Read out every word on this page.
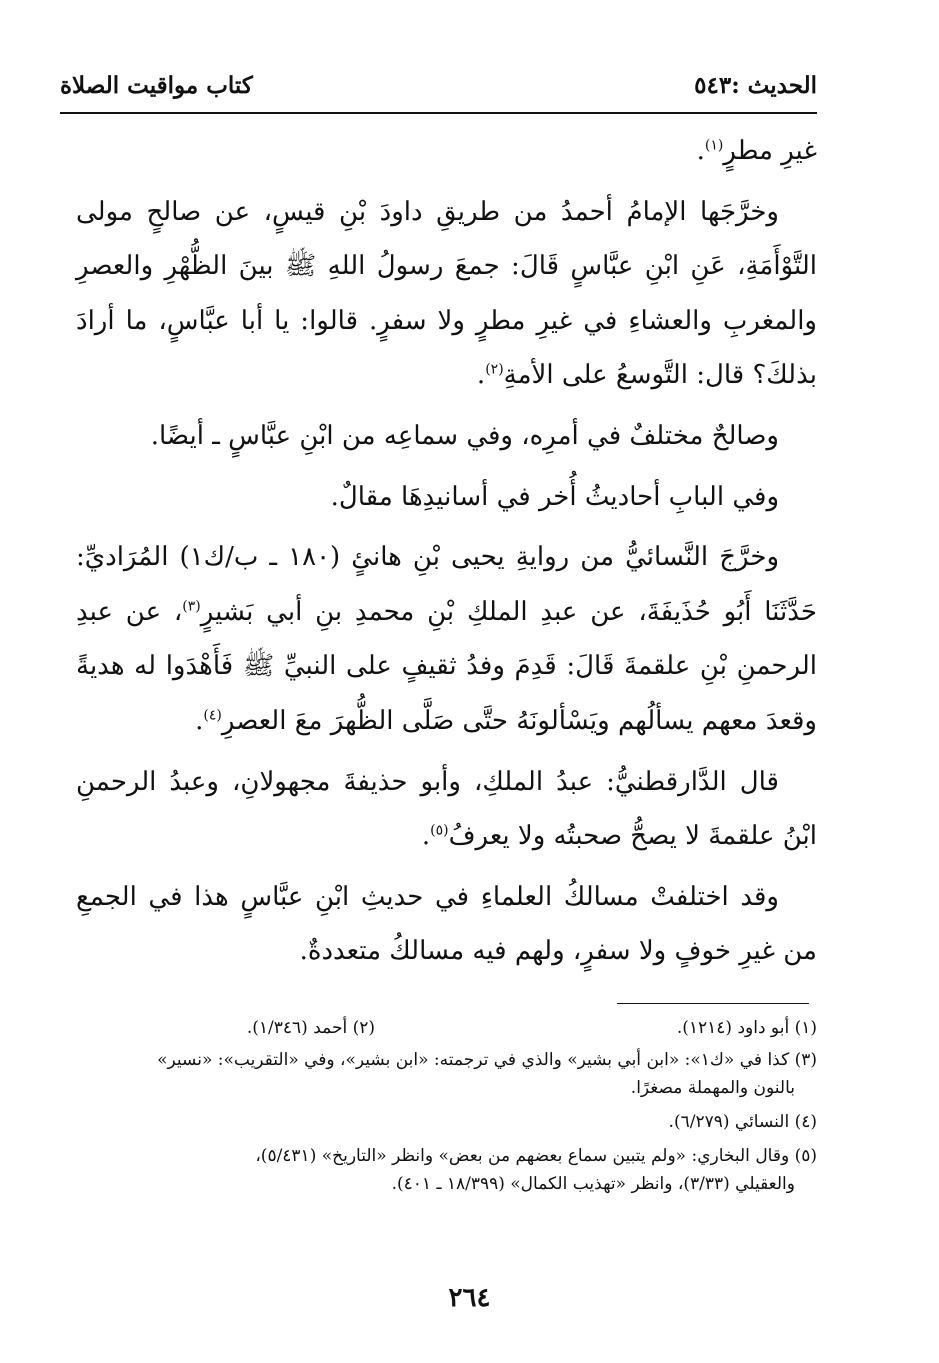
الحديث :٥٤٣
كتاب مواقيت الصلاة

غيرِ مطرٍ$^{(١)}$.

وخرَّجَها الإمامُ أحمدُ من طريقِ داودَ بْنِ قيسٍ، عن صالحٍ مولى التَّوْأَمَةِ، عَنِ ابْنِ عبَّاسٍ قَالَ: جمعَ رسولُ اللهِ ﷺ بينَ الظُّهْرِ والعصرِ والمغربِ والعشاءِ في غيرِ مطرٍ ولا سفرٍ. قالوا: يا أبا عبَّاسٍ، ما أرادَ بذلكَ؟ قال: التَّوسعُ على الأمةِ$^{(٢)}$.

وصالحٌ مختلفٌ في أمرِه، وفي سماعِه من ابْنِ عبَّاسٍ ـ أيضًا.

وفي البابِ أحاديثُ أُخر في أسانيدِهَا مقالٌ.

وخرَّجَ النَّسائيُّ من روايةِ يحيى بْنِ هانئٍ (١٨٠ ـ ب/ك١) المُرَاديِّ: حَدَّثَنَا أَبُو حُذَيفَةَ، عن عبدِ الملكِ بْنِ محمدِ بنِ أبي بَشيرٍ$^{(٣)}$، عن عبدِ الرحمنِ بْنِ علقمةَ قَالَ: قَدِمَ وفدُ ثقيفٍ على النبيِّ ﷺ فَأَهْدَوا له هديةً وقعدَ معهم يسألُهم ويَسْألونَهُ حتَّى صَلَّى الظُّهرَ معَ العصرِ$^{(٤)}$.

قال الدَّارقطنيُّ: عبدُ الملكِ، وأبو حذيفةَ مجهولانِ، وعبدُ الرحمنِ ابْنُ علقمةَ لا يصحُّ صحبتُه ولا يعرفُ$^{(٥)}$.

وقد اختلفتْ مسالكُ العلماءِ في حديثِ ابْنِ عبَّاسٍ هذا في الجمعِ من غيرِ خوفٍ ولا سفرٍ، ولهم فيه مسالكُ متعددةٌ.

(١) أبو داود (١٢١٤).
(٢) أحمد (١/٣٤٦).

(٣) كذا في «ك١»: «ابن أبي بشير» والذي في ترجمته: «ابن بشير»، وفي «التقريب»: «نسير»
بالنون والمهملة مصغرًا.

(٤) النسائي (٦/٢٧٩).

(٥) وقال البخاري: «ولم يتبين سماع بعضهم من بعض» وانظر «التاريخ» (٥/٤٣١)،
والعقيلي (٣/٣٣)، وانظر «تهذيب الكمال» (١٨/٣٩٩ ـ ٤٠١).

٢٦٤
